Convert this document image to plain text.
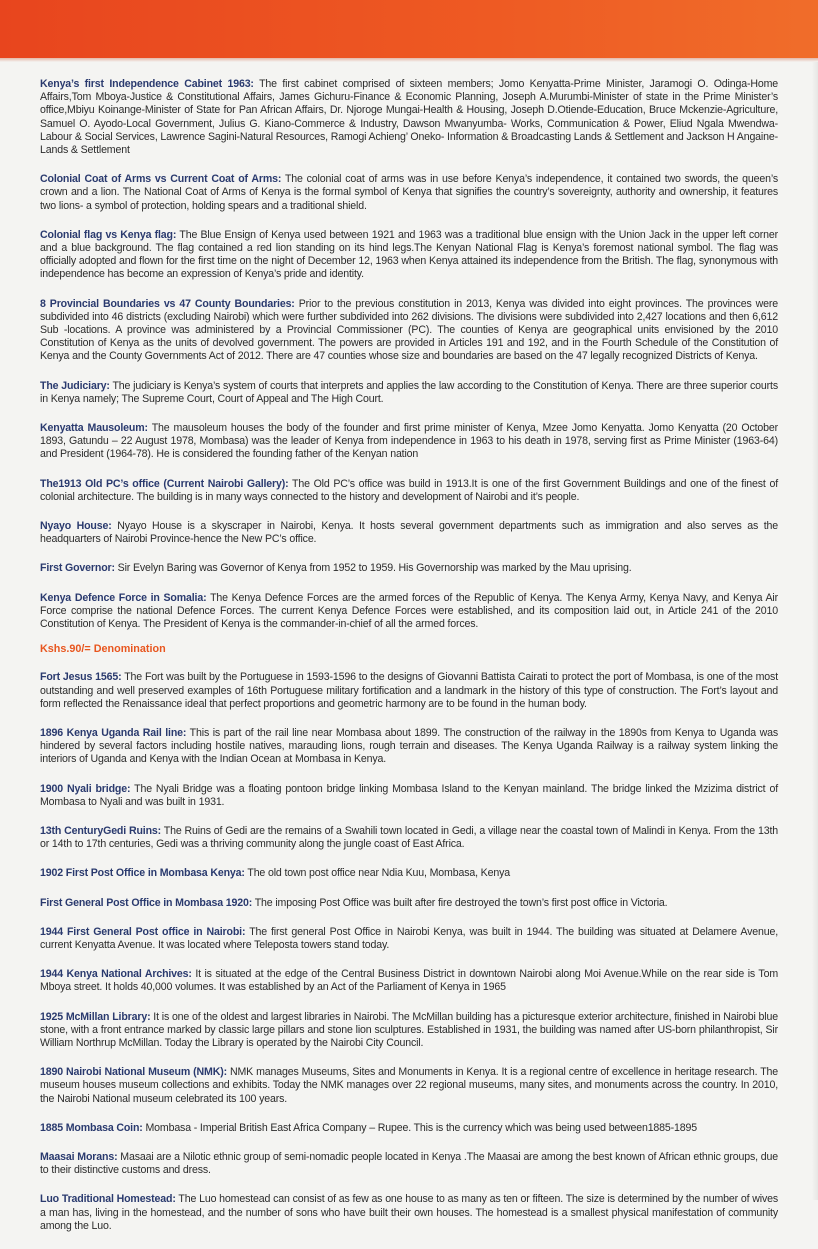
Kenya’s first Independence Cabinet 1963: The first cabinet comprised of sixteen members; Jomo Kenyatta-Prime Minister, Jaramogi O. Odinga-Home Affairs,Tom Mboya-Justice & Constitutional Affairs, James Gichuru-Finance & Economic Planning, Joseph A.Murumbi-Minister of state in the Prime Minister’s office,Mbiyu Koinange-Minister of State for Pan African Affairs, Dr. Njoroge Mungai-Health & Housing, Joseph D.Otiende-Education, Bruce Mckenzie-Agriculture, Samuel O. Ayodo-Local Government, Julius G. Kiano-Commerce & Industry, Dawson Mwanyumba- Works, Communication & Power, Eliud Ngala Mwendwa- Labour & Social Services, Lawrence Sagini-Natural Resources, Ramogi Achieng’ Oneko- Information & Broadcasting Lands & Settlement and Jackson H Angaine-Lands & Settlement

Colonial Coat of Arms vs Current Coat of Arms: The colonial coat of arms was in use before Kenya’s independence, it contained two swords, the queen’s crown and a lion. The National Coat of Arms of Kenya is the formal symbol of Kenya that signifies the country’s sovereignty, authority and ownership, it features two lions- a symbol of protection, holding spears and a traditional shield.

Colonial flag vs Kenya flag: The Blue Ensign of Kenya used between 1921 and 1963 was a traditional blue ensign with the Union Jack in the upper left corner and a blue background. The flag contained a red lion standing on its hind legs.The Kenyan National Flag is Kenya’s foremost national symbol. The flag was officially adopted and flown for the first time on the night of December 12, 1963 when Kenya attained its independence from the British. The flag, synonymous with independence has become an expression of Kenya’s pride and identity.

8 Provincial Boundaries vs 47 County Boundaries: Prior to the previous constitution in 2013, Kenya was divided into eight provinces. The provinces were subdivided into 46 districts (excluding Nairobi) which were further subdivided into 262 divisions. The divisions were subdivided into 2,427 locations and then 6,612 Sub -locations. A province was administered by a Provincial Commissioner (PC). The counties of Kenya are geographical units envisioned by the 2010 Constitution of Kenya as the units of devolved government. The powers are provided in Articles 191 and 192, and in the Fourth Schedule of the Constitution of Kenya and the County Governments Act of 2012. There are 47 counties whose size and boundaries are based on the 47 legally recognized Districts of Kenya.

The Judiciary: The judiciary is Kenya’s system of courts that interprets and applies the law according to the Constitution of Kenya. There are three superior courts in Kenya namely; The Supreme Court, Court of Appeal and The High Court.

Kenyatta Mausoleum: The mausoleum houses the body of the founder and first prime minister of Kenya, Mzee Jomo Kenyatta. Jomo Kenyatta (20 October 1893, Gatundu – 22 August 1978, Mombasa) was the leader of Kenya from independence in 1963 to his death in 1978, serving first as Prime Minister (1963-64) and President (1964-78). He is considered the founding father of the Kenyan nation

The1913 Old PC’s office (Current Nairobi Gallery): The Old PC’s office was build in 1913.It is one of the first Government Buildings and one of the finest of colonial architecture. The building is in many ways connected to the history and development of Nairobi and it’s people.

Nyayo House: Nyayo House is a skyscraper in Nairobi, Kenya. It hosts several government departments such as immigration and also serves as the headquarters of Nairobi Province-hence the New PC’s office.

First Governor: Sir Evelyn Baring was Governor of Kenya from 1952 to 1959. His Governorship was marked by the Mau uprising.

Kenya Defence Force in Somalia: The Kenya Defence Forces are the armed forces of the Republic of Kenya. The Kenya Army, Kenya Navy, and Kenya Air Force comprise the national Defence Forces. The current Kenya Defence Forces were established, and its composition laid out, in Article 241 of the 2010 Constitution of Kenya. The President of Kenya is the commander-in-chief of all the armed forces.

Kshs.90/= Denomination

Fort Jesus 1565: The Fort was built by the Portuguese in 1593-1596 to the designs of Giovanni Battista Cairati to protect the port of Mombasa, is one of the most outstanding and well preserved examples of 16th Portuguese military fortification and a landmark in the history of this type of construction. The Fort’s layout and form reflected the Renaissance ideal that perfect proportions and geometric harmony are to be found in the human body.

1896 Kenya Uganda Rail line: This is part of the rail line near Mombasa about 1899. The construction of the railway in the 1890s from Kenya to Uganda was hindered by several factors including hostile natives, marauding lions, rough terrain and diseases. The Kenya Uganda Railway is a railway system linking the interiors of Uganda and Kenya with the Indian Ocean at Mombasa in Kenya.

1900 Nyali bridge: The Nyali Bridge was a floating pontoon bridge linking Mombasa Island to the Kenyan mainland. The bridge linked the Mzizima district of Mombasa to Nyali and was built in 1931.

13th CenturyGedi Ruins: The Ruins of Gedi are the remains of a Swahili town located in Gedi, a village near the coastal town of Malindi in Kenya. From the 13th or 14th to 17th centuries, Gedi was a thriving community along the jungle coast of East Africa.

1902 First Post Office in Mombasa Kenya: The old town post office near Ndia Kuu, Mombasa, Kenya

First General Post Office in Mombasa 1920: The imposing Post Office was built after fire destroyed the town’s first post office in Victoria.

1944 First General Post office in Nairobi: The first general Post Office in Nairobi Kenya, was built in 1944. The building was situated at Delamere Avenue, current Kenyatta Avenue. It was located where Teleposta towers stand today.

1944 Kenya National Archives: It is situated at the edge of the Central Business District in downtown Nairobi along Moi Avenue.While on the rear side is Tom Mboya street. It holds 40,000 volumes. It was established by an Act of the Parliament of Kenya in 1965

1925 McMillan Library: It is one of the oldest and largest libraries in Nairobi. The McMillan building has a picturesque exterior architecture, finished in Nairobi blue stone, with a front entrance marked by classic large pillars and stone lion sculptures. Established in 1931, the building was named after US-born philanthropist, Sir William Northrup McMillan. Today the Library is operated by the Nairobi City Council.

1890 Nairobi National Museum (NMK): NMK manages Museums, Sites and Monuments in Kenya. It is a regional centre of excellence in heritage research. The museum houses museum collections and exhibits. Today the NMK manages over 22 regional museums, many sites, and monuments across the country. In 2010, the Nairobi National museum celebrated its 100 years.

1885 Mombasa Coin: Mombasa - Imperial British East Africa Company – Rupee. This is the currency which was being used between1885-1895

Maasai Morans: Masaai are a Nilotic ethnic group of semi-nomadic people located in Kenya .The Maasai are among the best known of African ethnic groups, due to their distinctive customs and dress.

Luo Traditional Homestead: The Luo homestead can consist of as few as one house to as many as ten or fifteen. The size is determined by the number of wives a man has, living in the homestead, and the number of sons who have built their own houses. The homestead is a smallest physical manifestation of community among the Luo.
